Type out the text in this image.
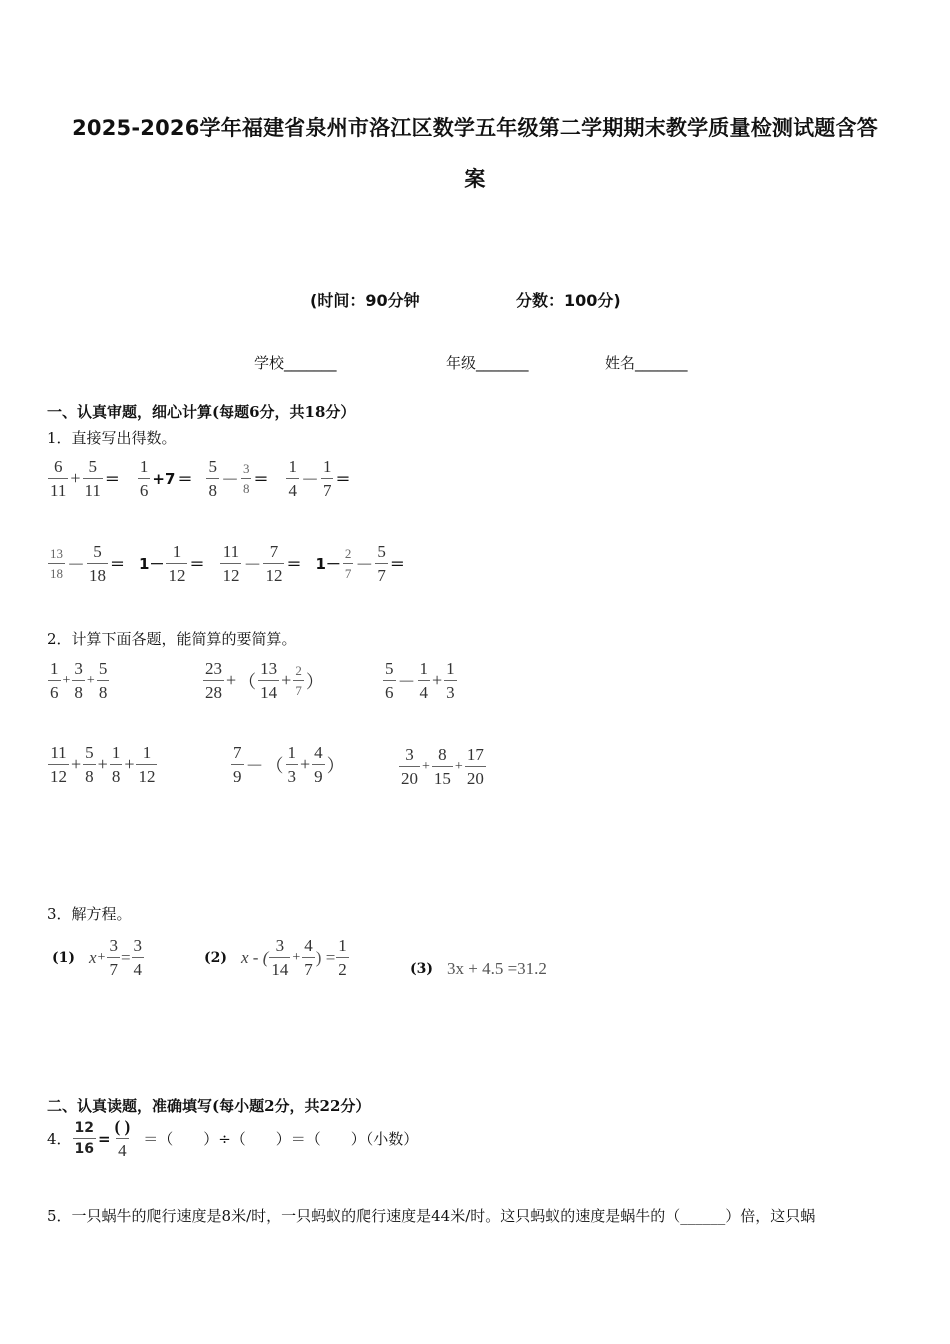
2025-2026学年福建省泉州市洛江区数学五年级第二学期期末教学质量检测试题含答
案
(时间：90分钟	分数：100分)
学校_______	年级_______	姓名_______
一、认真审题，细心计算(每题6分，共18分）
1．直接写出得数。
$\frac{6}{11} + \frac{5}{11} = \frac{1}{6} +7 = \frac{5}{8} - \frac{3}{8} = \frac{1}{4} - \frac{1}{7}$ ＝
$\frac{13}{18} - \frac{5}{18} = 1- \frac{1}{12} = \frac{11}{12} - \frac{7}{12} = 1- \frac{2}{7} - \frac{5}{7}$ ＝
2．计算下面各题，能简算的要简算。
$\frac{1}{6} + \frac{3}{8} + \frac{5}{8}$	$\frac{23}{28}$ + （ $\frac{13}{14} + \frac{2}{7}$ ）	$\frac{5}{6} - \frac{1}{4} + \frac{1}{3}$
$\frac{11}{12} + \frac{5}{8} + \frac{1}{8} + \frac{1}{12}$	$\frac{7}{9}$ － （ $\frac{1}{3} + \frac{4}{9}$ ）	$\frac{3}{20} + \frac{8}{15} + \frac{17}{20}$
3．解方程。
(1) $x + \frac{3}{7} = \frac{3}{4}$	(2) x - ( $\frac{3}{14} + \frac{4}{7}$ ) = $\frac{1}{2}$	(3) 3x + 4.5 =31.2
二、认真读题，准确填写(每小题2分，共22分）
4． $\frac{12}{16} = \frac{( )}{4}$ ＝（　　）÷（　　）＝（　　）（小数）
5．一只蜗牛的爬行速度是8米/时，一只蚂蚁的爬行速度是44米/时。这只蚂蚁的速度是蜗牛的（______）倍，这只蜗
